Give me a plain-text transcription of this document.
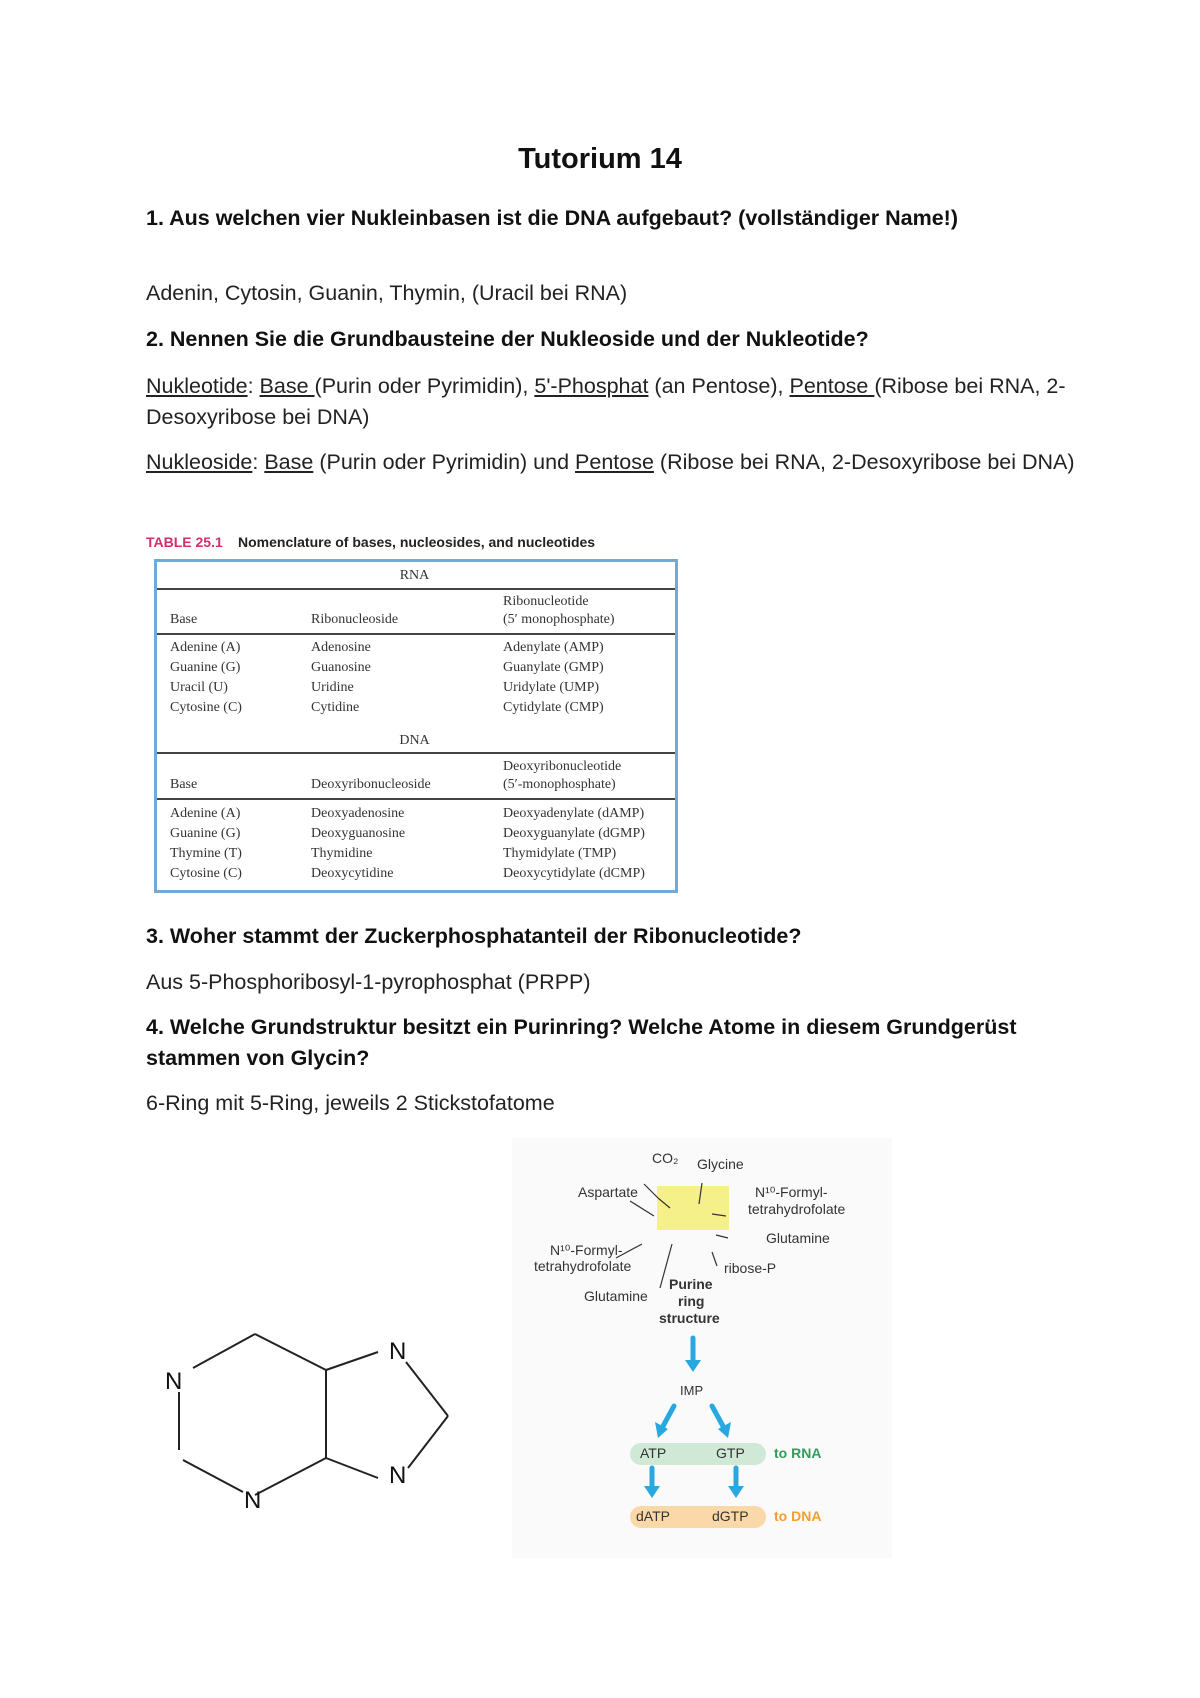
Tutorium 14
1. Aus welchen vier Nukleinbasen ist die DNA aufgebaut? (vollständiger Name!)
Adenin, Cytosin, Guanin, Thymin, (Uracil bei RNA)
2. Nennen Sie die Grundbausteine der Nukleoside und der Nukleotide?
Nukleotide: Base (Purin oder Pyrimidin), 5'-Phosphat (an Pentose), Pentose (Ribose bei RNA, 2-Desoxyribose bei DNA)
Nukleoside: Base (Purin oder Pyrimidin) und Pentose (Ribose bei RNA, 2-Desoxyribose bei DNA)
TABLE 25.1 Nomenclature of bases, nucleosides, and nucleotides
RNA
Base	Ribonucleoside
Ribonucleotide
(5′ monophosphate)
Adenine (A)	Adenosine	Adenylate (AMP)
Guanine (G)	Guanosine	Guanylate (GMP)
Uracil (U)	Uridine	Uridylate (UMP)
Cytosine (C)	Cytidine	Cytidylate (CMP)
DNA
Base	Deoxyribonucleoside
Deoxyribonucleotide
(5′-monophosphate)
Adenine (A)	Deoxyadenosine	Deoxyadenylate (dAMP)
Guanine (G)	Deoxyguanosine	Deoxyguanylate (dGMP)
Thymine (T)	Thymidine	Thymidylate (TMP)
Cytosine (C)	Deoxycytidine	Deoxycytidylate (dCMP)
3. Woher stammt der Zuckerphosphatanteil der Ribonucleotide?
Aus 5-Phosphoribosyl-1-pyrophosphat (PRPP)
4. Welche Grundstruktur besitzt ein Purinring? Welche Atome in diesem Grundgerüst stammen von Glycin?
6-Ring mit 5-Ring, jeweils 2 Stickstofatome
N
N
N
N
CO₂ Glycine
Aspartate	N¹⁰-Formyl-
tetrahydrofolate
Glutamine
N¹⁰-Formyl-
tetrahydrofolate	ribose-P
Glutamine
Purine
ring
structure
IMP
ATP	GTP to RNA
dATP	dGTP to DNA
